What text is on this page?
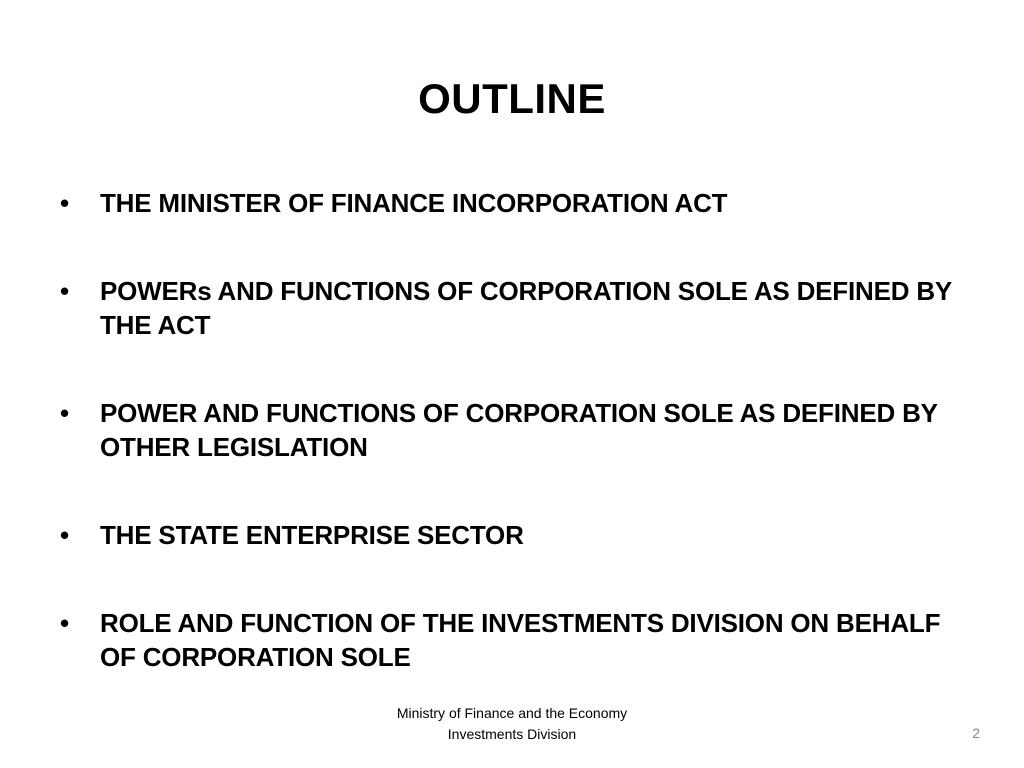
OUTLINE
• THE MINISTER OF FINANCE INCORPORATION ACT
• POWERs AND FUNCTIONS OF CORPORATION SOLE AS DEFINED BY THE ACT
• POWER AND FUNCTIONS OF CORPORATION SOLE AS DEFINED BY OTHER LEGISLATION
• THE STATE ENTERPRISE SECTOR
• ROLE AND FUNCTION OF THE INVESTMENTS DIVISION ON BEHALF OF CORPORATION SOLE
Ministry of Finance and the Economy
Investments Division	2
